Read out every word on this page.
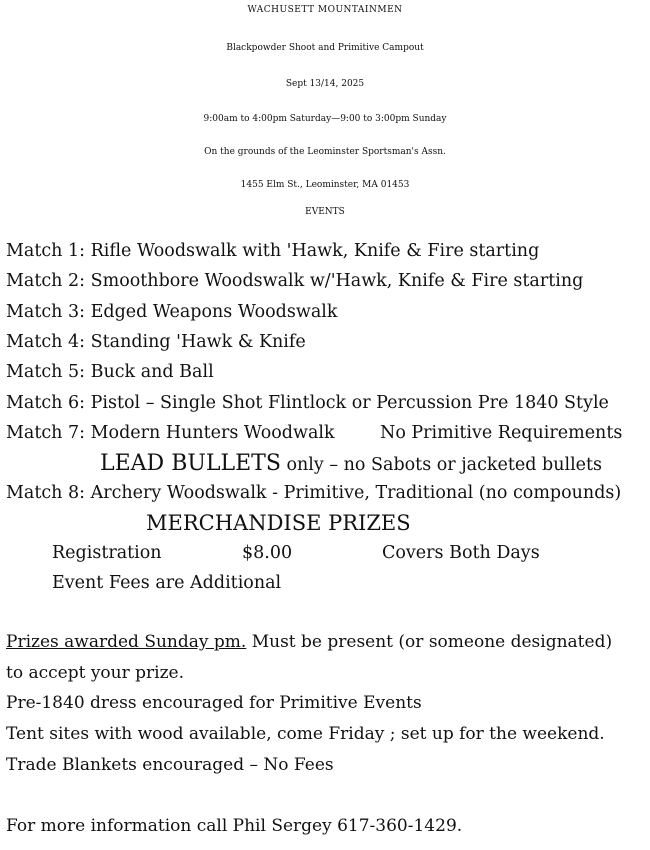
WACHUSETT MOUNTAINMEN
Blackpowder Shoot and Primitive Campout
Sept 13/14, 2025
9:00am to 4:00pm Saturday—9:00 to 3:00pm Sunday
On the grounds of the Leominster Sportsman's Assn.
1455 Elm St., Leominster, MA 01453
EVENTS
Match 1: Rifle Woodswalk with 'Hawk, Knife & Fire starting
Match 2: Smoothbore Woodswalk w/'Hawk, Knife & Fire starting
Match 3: Edged Weapons Woodswalk
Match 4: Standing 'Hawk & Knife
Match 5: Buck and Ball
Match 6: Pistol – Single Shot Flintlock or Percussion Pre 1840 Style
Match 7: Modern Hunters Woodwalk	No Primitive Requirements
LEAD BULLETS only – no Sabots or jacketed bullets
Match 8: Archery Woodswalk - Primitive, Traditional (no compounds)
MERCHANDISE PRIZES
Registration	$8.00	Covers Both Days
Event Fees are Additional
Prizes awarded Sunday pm. Must be present (or someone designated)
to accept your prize.
Pre-1840 dress encouraged for Primitive Events
Tent sites with wood available, come Friday ; set up for the weekend.
Trade Blankets encouraged – No Fees
For more information call Phil Sergey 617-360-1429.
